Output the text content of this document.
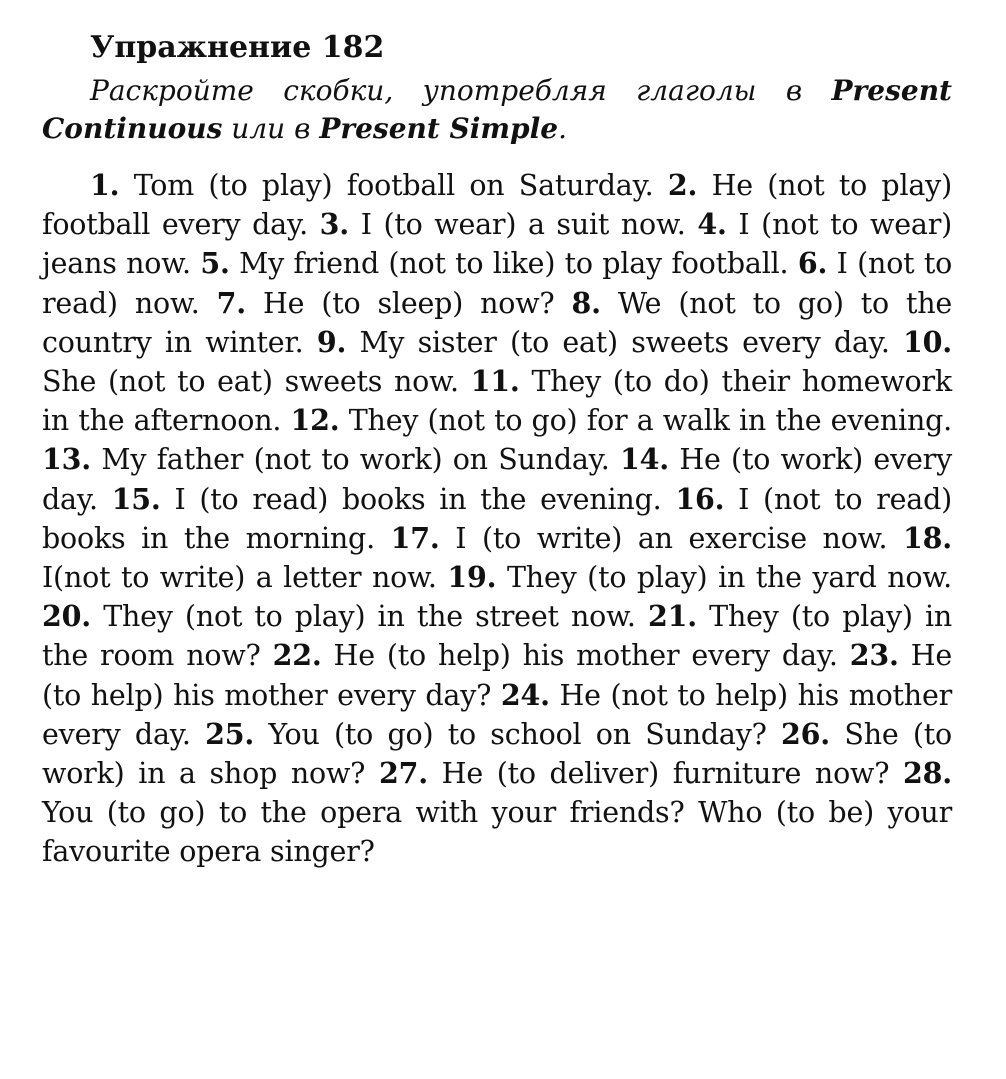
Упражнение 182

Раскройте скобки, употребляя глаголы в Present Continuous или в Present Simple.

1. Tom (to play) football on Saturday. 2. He (not to play) football every day. 3. I (to wear) a suit now. 4. I (not to wear) jeans now. 5. My friend (not to like) to play football. 6. I (not to read) now. 7. He (to sleep) now? 8. We (not to go) to the country in winter. 9. My sister (to eat) sweets every day. 10. She (not to eat) sweets now. 11. They (to do) their homework in the afternoon. 12. They (not to go) for a walk in the evening. 13. My father (not to work) on Sunday. 14. He (to work) every day. 15. I (to read) books in the evening. 16. I (not to read) books in the morning. 17. I (to write) an exercise now. 18. I(not to write) a letter now. 19. They (to play) in the yard now. 20. They (not to play) in the street now. 21. They (to play) in the room now? 22. He (to help) his mother every day. 23. He (to help) his mother every day? 24. He (not to help) his mother every day. 25. You (to go) to school on Sunday? 26. She (to work) in a shop now? 27. He (to deliver) furniture now? 28. You (to go) to the opera with your friends? Who (to be) your favourite opera singer?
